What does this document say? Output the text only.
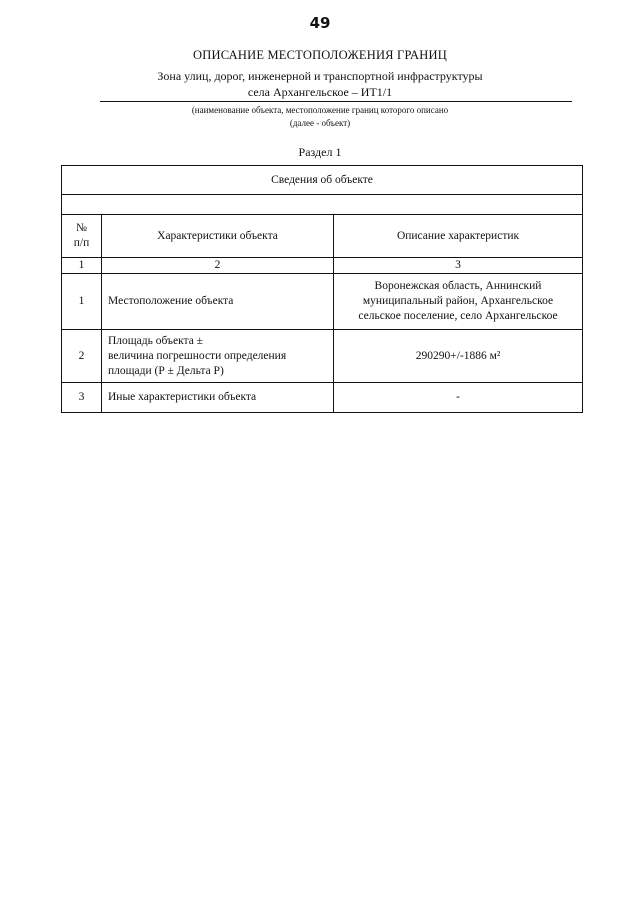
49
ОПИСАНИЕ МЕСТОПОЛОЖЕНИЯ ГРАНИЦ
Зона улиц, дорог, инженерной и транспортной инфраструктуры
села Архангельское – ИТ1/1
(наименование объекта, местоположение границ которого описано
(далее - объект)
Раздел 1
Сведения об объекте		

№
п/п	Характеристики объекта	Описание характеристик
1	2	3
1	Местоположение объекта	Воронежская область, Аннинский
муниципальный район, Архангельское
сельское поселение, село Архангельское

2	Площадь объекта ±
величина погрешности определения
площади (Р ± Дельта Р)	290290+/-1886 м²
3	Иные характеристики объекта	-
